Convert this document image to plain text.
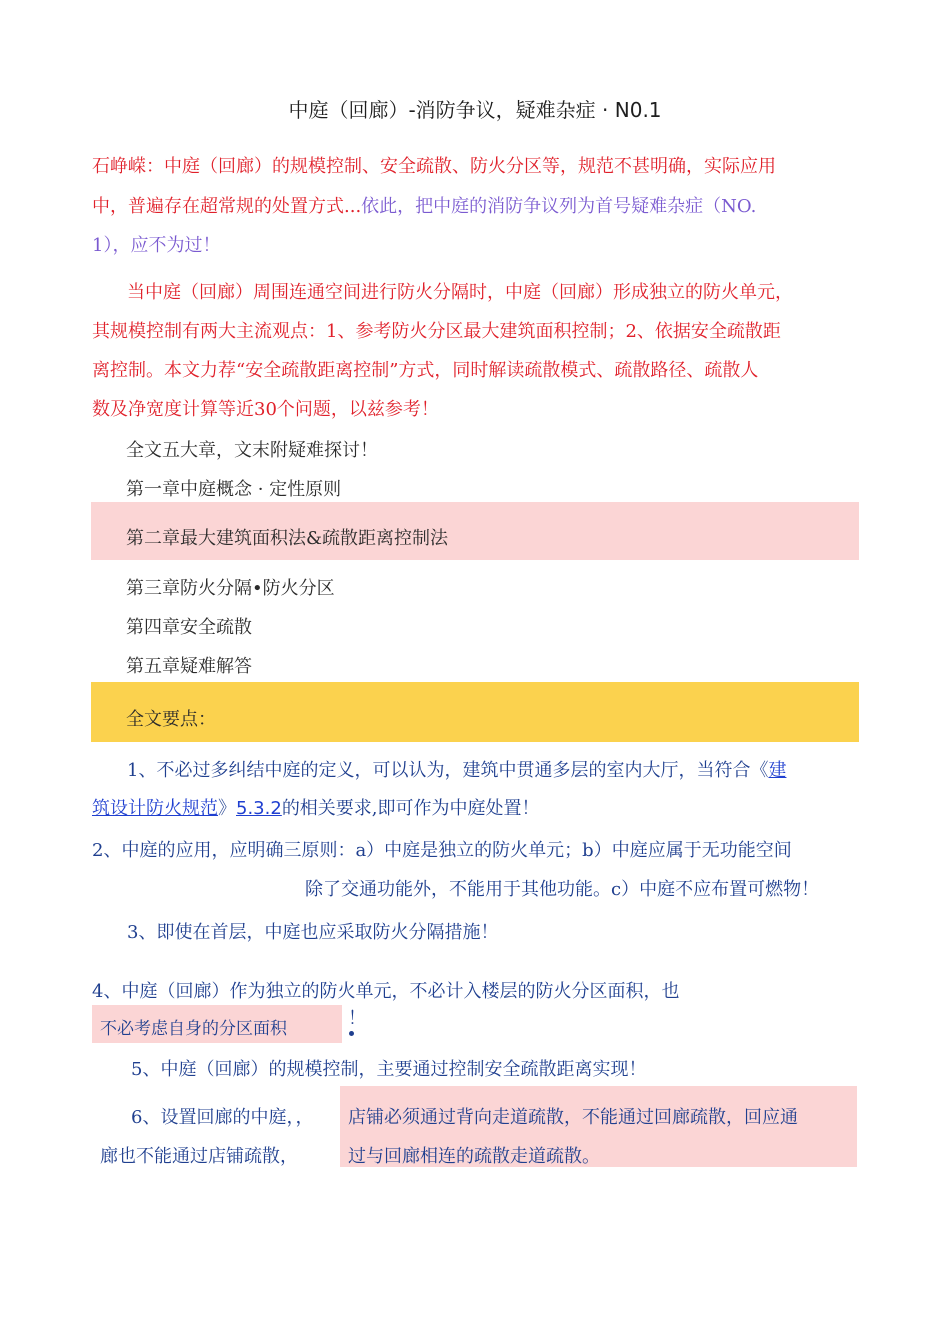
中庭（回廊）-消防争议，疑难杂症 · N0.1
石峥嵘：中庭（回廊）的规模控制、安全疏散、防火分区等，规范不甚明确，实际应用
中，普遍存在超常规的处置方式...依此，把中庭的消防争议列为首号疑难杂症（NO.
1），应不为过！
当中庭（回廊）周围连通空间进行防火分隔时，中庭（回廊）形成独立的防火单元，
其规模控制有两大主流观点：1、参考防火分区最大建筑面积控制；2、依据安全疏散距
离控制。本文力荐“安全疏散距离控制”方式，同时解读疏散模式、疏散路径、疏散人
数及净宽度计算等近30个问题，以兹参考！
全文五大章，文末附疑难探讨！
第一章中庭概念 · 定性原则
第二章最大建筑面积法&疏散距离控制法
第三章防火分隔•防火分区
第四章安全疏散
第五章疑难解答
全文要点：
1、不必过多纠结中庭的定义，可以认为，建筑中贯通多层的室内大厅，当符合《建
筑设计防火规范》5.3.2的相关要求,即可作为中庭处置！
2、中庭的应用，应明确三原则：a）中庭是独立的防火单元；b）中庭应属于无功能空间
除了交通功能外，不能用于其他功能。c）中庭不应布置可燃物！
3、即使在首层，中庭也应采取防火分隔措施！
4、中庭（回廊）作为独立的防火单元，不必计入楼层的防火分区面积，也
不必考虑自身的分区面积	！
5、中庭（回廊）的规模控制，主要通过控制安全疏散距离实现！
6、设置回廊的中庭，，
廊也不能通过店铺疏散，
店铺必须通过背向走道疏散，不能通过回廊疏散，回应通
过与回廊相连的疏散走道疏散。
